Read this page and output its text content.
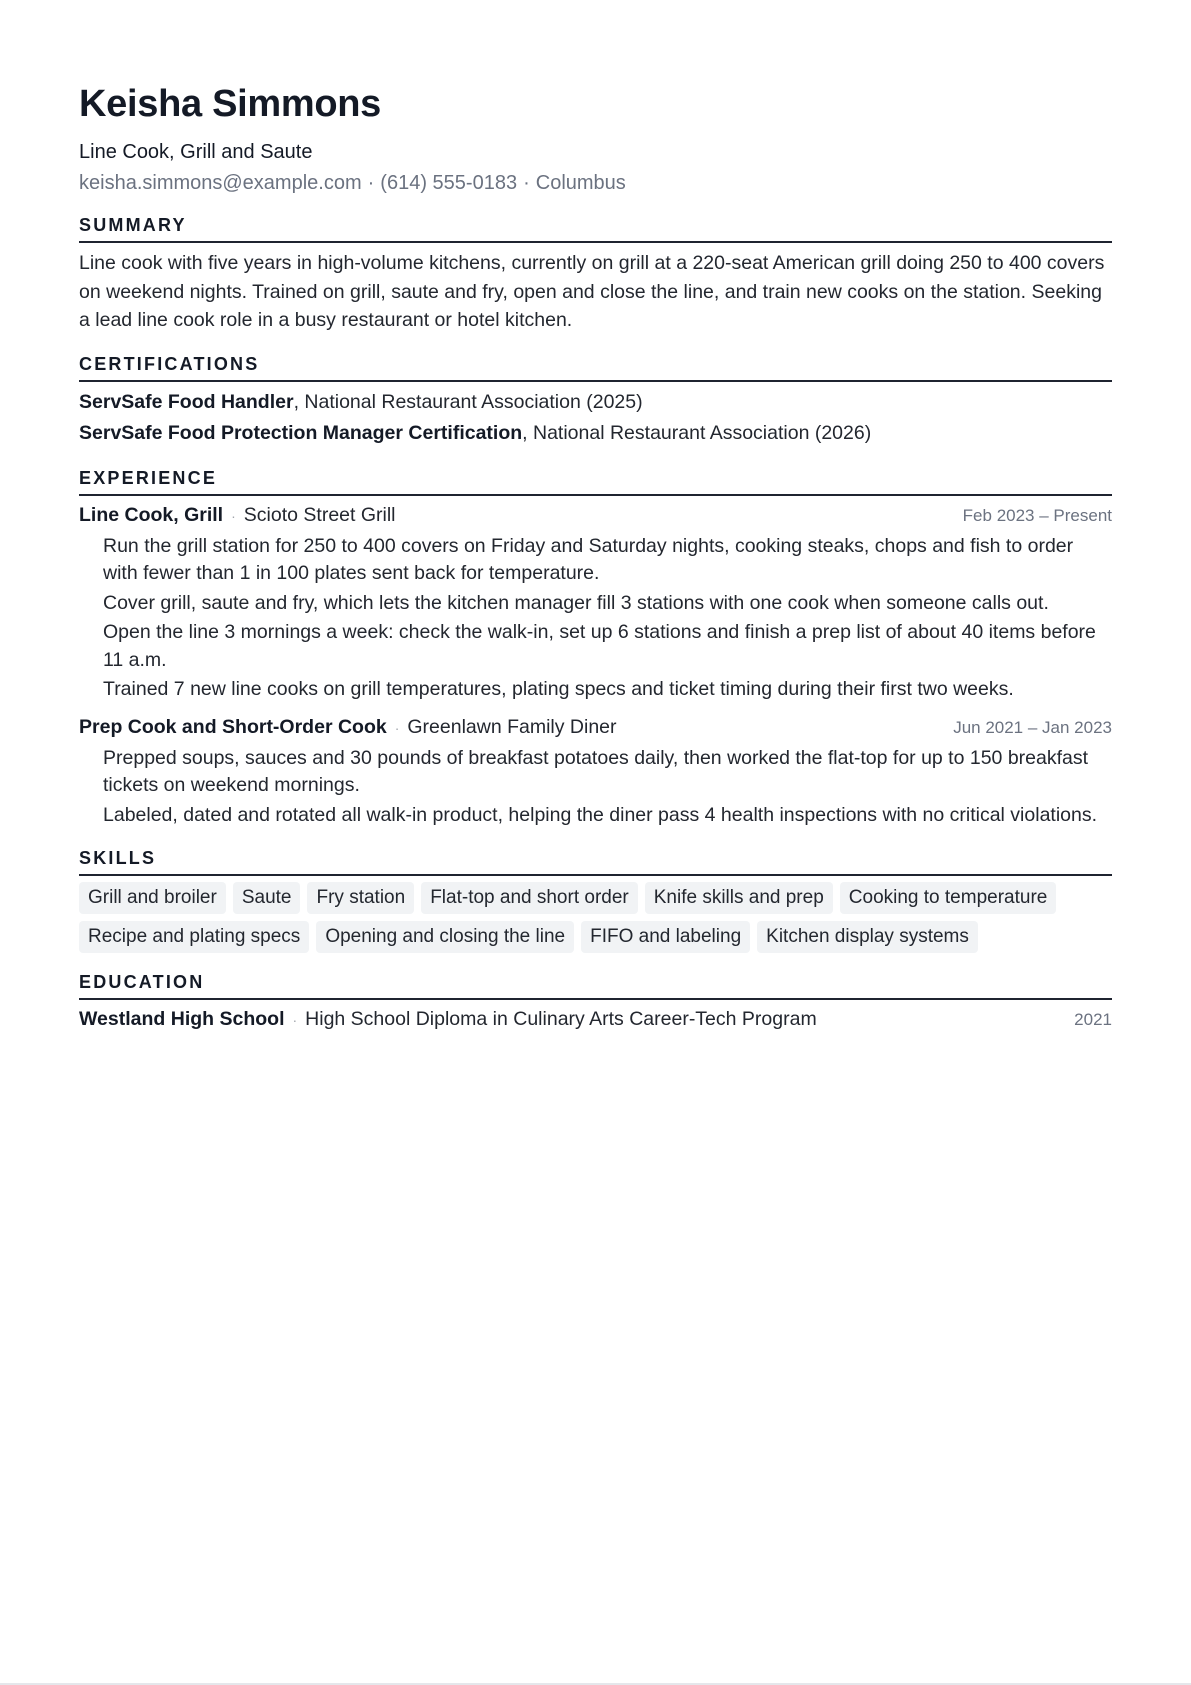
Keisha Simmons
Line Cook, Grill and Saute
keisha.simmons@example.com · (614) 555-0183 · Columbus
SUMMARY
Line cook with five years in high-volume kitchens, currently on grill at a 220-seat American grill doing 250 to 400 covers on weekend nights. Trained on grill, saute and fry, open and close the line, and train new cooks on the station. Seeking a lead line cook role in a busy restaurant or hotel kitchen.
CERTIFICATIONS
ServSafe Food Handler, National Restaurant Association (2025)
ServSafe Food Protection Manager Certification, National Restaurant Association (2026)
EXPERIENCE
Line Cook, Grill · Scioto Street Grill	Feb 2023 – Present
Run the grill station for 250 to 400 covers on Friday and Saturday nights, cooking steaks, chops and fish to order with fewer than 1 in 100 plates sent back for temperature.
Cover grill, saute and fry, which lets the kitchen manager fill 3 stations with one cook when someone calls out.
Open the line 3 mornings a week: check the walk-in, set up 6 stations and finish a prep list of about 40 items before 11 a.m.
Trained 7 new line cooks on grill temperatures, plating specs and ticket timing during their first two weeks.
Prep Cook and Short-Order Cook · Greenlawn Family Diner	Jun 2021 – Jan 2023
Prepped soups, sauces and 30 pounds of breakfast potatoes daily, then worked the flat-top for up to 150 breakfast tickets on weekend mornings.
Labeled, dated and rotated all walk-in product, helping the diner pass 4 health inspections with no critical violations.
SKILLS
Grill and broiler	Saute	Fry station	Flat-top and short order	Knife skills and prep	Cooking to temperature
Recipe and plating specs	Opening and closing the line	FIFO and labeling	Kitchen display systems
EDUCATION
Westland High School · High School Diploma in Culinary Arts Career-Tech Program	2021
